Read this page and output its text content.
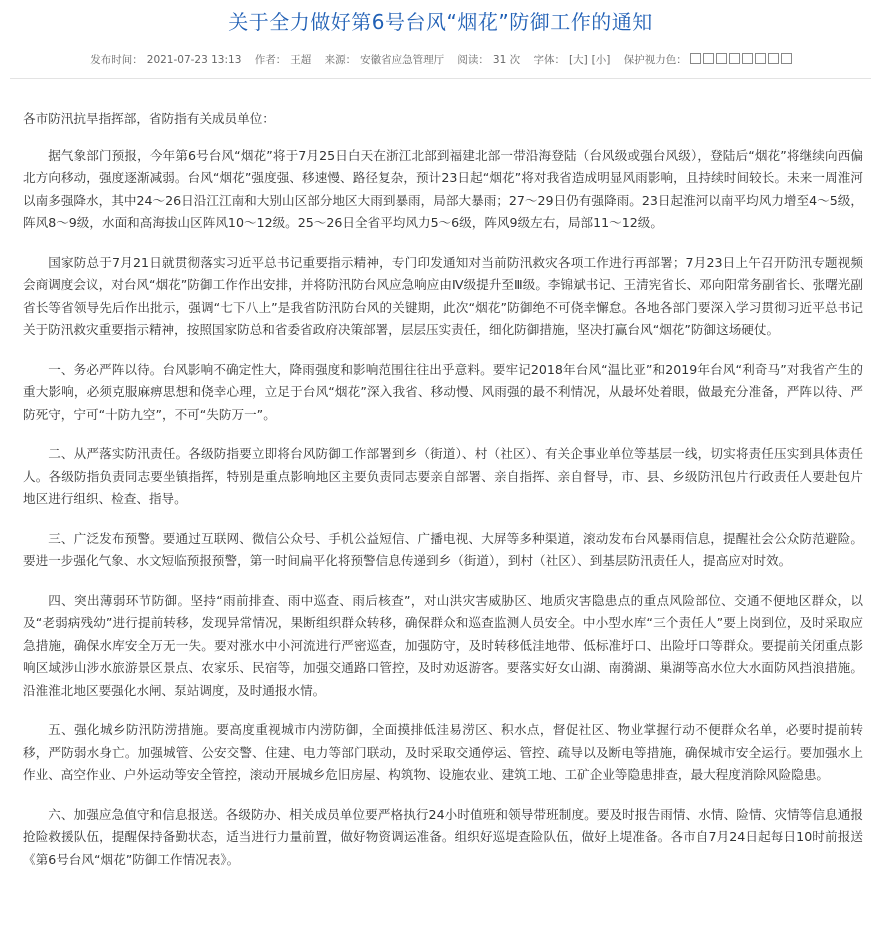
关于全力做好第6号台风“烟花”防御工作的通知
发布时间： 2021-07-23 13:13 作者： 王超 来源： 安徽省应急管理厅 阅读： 31 次 字体： [大] [小] 保护视力色：

各市防汛抗旱指挥部，省防指有关成员单位：

据气象部门预报，今年第6号台风“烟花”将于7月25日白天在浙江北部到福建北部一带沿海登陆（台风级或强台风级），登陆后“烟花”将继续向西偏北方向移动，强度逐渐减弱。台风“烟花”强度强、移速慢、路径复杂，预计23日起“烟花”将对我省造成明显风雨影响，且持续时间较长。未来一周淮河以南多强降水，其中24～26日沿江江南和大别山区部分地区大雨到暴雨，局部大暴雨；27～29日仍有强降雨。23日起淮河以南平均风力增至4～5级，阵风8～9级，水面和高海拔山区阵风10～12级。25～26日全省平均风力5～6级，阵风9级左右，局部11～12级。

国家防总于7月21日就贯彻落实习近平总书记重要指示精神，专门印发通知对当前防汛救灾各项工作进行再部署；7月23日上午召开防汛专题视频会商调度会议，对台风“烟花”防御工作作出安排，并将防汛防台风应急响应由Ⅳ级提升至Ⅲ级。李锦斌书记、王清宪省长、邓向阳常务副省长、张曙光副省长等省领导先后作出批示，强调“七下八上”是我省防汛防台风的关键期，此次“烟花”防御绝不可侥幸懈怠。各地各部门要深入学习贯彻习近平总书记关于防汛救灾重要指示精神，按照国家防总和省委省政府决策部署，层层压实责任，细化防御措施，坚决打赢台风“烟花”防御这场硬仗。

一、务必严阵以待。台风影响不确定性大，降雨强度和影响范围往往出乎意料。要牢记2018年台风“温比亚”和2019年台风“利奇马”对我省产生的重大影响，必须克服麻痹思想和侥幸心理，立足于台风“烟花”深入我省、移动慢、风雨强的最不利情况，从最坏处着眼，做最充分准备，严阵以待、严防死守，宁可“十防九空”，不可“失防万一”。

二、从严落实防汛责任。各级防指要立即将台风防御工作部署到乡（街道）、村（社区）、有关企事业单位等基层一线，切实将责任压实到具体责任人。各级防指负责同志要坐镇指挥，特别是重点影响地区主要负责同志要亲自部署、亲自指挥、亲自督导，市、县、乡级防汛包片行政责任人要赴包片地区进行组织、检查、指导。

三、广泛发布预警。要通过互联网、微信公众号、手机公益短信、广播电视、大屏等多种渠道，滚动发布台风暴雨信息，提醒社会公众防范避险。要进一步强化气象、水文短临预报预警，第一时间扁平化将预警信息传递到乡（街道），到村（社区）、到基层防汛责任人，提高应对时效。

四、突出薄弱环节防御。坚持“雨前排查、雨中巡查、雨后核查”，对山洪灾害威胁区、地质灾害隐患点的重点风险部位、交通不便地区群众，以及“老弱病残幼”进行提前转移，发现异常情况，果断组织群众转移，确保群众和巡查监测人员安全。中小型水库“三个责任人”要上岗到位，及时采取应急措施，确保水库安全万无一失。要对涨水中小河流进行严密巡查，加强防守，及时转移低洼地带、低标准圩口、出险圩口等群众。要提前关闭重点影响区域涉山涉水旅游景区景点、农家乐、民宿等，加强交通路口管控，及时劝返游客。要落实好女山湖、南漪湖、巢湖等高水位大水面防风挡浪措施。沿淮淮北地区要强化水闸、泵站调度，及时通报水情。

五、强化城乡防汛防涝措施。要高度重视城市内涝防御，全面摸排低洼易涝区、积水点，督促社区、物业掌握行动不便群众名单，必要时提前转移，严防弱水身亡。加强城管、公安交警、住建、电力等部门联动，及时采取交通停运、管控、疏导以及断电等措施，确保城市安全运行。要加强水上作业、高空作业、户外运动等安全管控，滚动开展城乡危旧房屋、构筑物、设施农业、建筑工地、工矿企业等隐患排查，最大程度消除风险隐患。

六、加强应急值守和信息报送。各级防办、相关成员单位要严格执行24小时值班和领导带班制度。要及时报告雨情、水情、险情、灾情等信息通报抢险救援队伍，提醒保持备勤状态，适当进行力量前置，做好物资调运准备。组织好巡堤查险队伍，做好上堤准备。各市自7月24日起每日10时前报送《第6号台风“烟花”防御工作情况表》。
